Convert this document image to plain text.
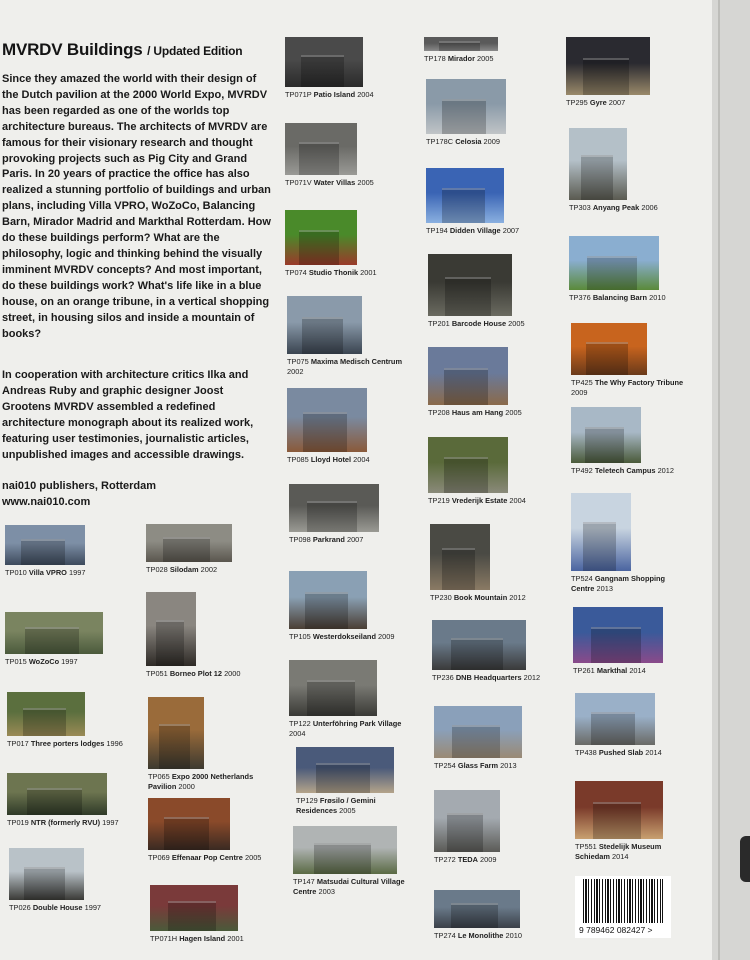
MVRDV Buildings / Updated Edition

Since they amazed the world with their design of the Dutch pavilion at the 2000 World Expo, MVRDV has been regarded as one of the worlds top architecture bureaus. The architects of MVRDV are famous for their visionary research and thought provoking projects such as Pig City and Grand Paris. In 20 years of practice the office has also realized a stunning portfolio of buildings and urban plans, including Villa VPRO, WoZoCo, Balancing Barn, Mirador Madrid and Markthal Rotterdam. How do these buildings perform? What are the philosophy, logic and thinking behind the visually imminent MVRDV concepts? And most important, do these buildings work? What's life like in a blue house, on an orange tribune, in a vertical shopping street, in housing silos and inside a mountain of books?

In cooperation with architecture critics Ilka and Andreas Ruby and graphic designer Joost Grootens MVRDV assembled a redefined architecture monograph about its realized work, featuring user testimonies, journalistic articles, unpublished images and accessible drawings.

nai010 publishers, Rotterdam

www.nai010.com

TP010 Villa VPRO 1997
TP015 WoZoCo 1997
TP017 Three porters lodges 1996
TP019 NTR (formerly RVU) 1997
TP026 Double House 1997
TP028 Silodam 2002
TP051 Borneo Plot 12 2000
TP065 Expo 2000 Netherlands Pavilion 2000
TP069 Effenaar Pop Centre 2005
TP071H Hagen Island 2001
TP071P Patio Island 2004
TP071V Water Villas 2005
TP074 Studio Thonik 2001
TP075 Maxima Medisch Centrum 2002
TP085 Lloyd Hotel 2004
TP098 Parkrand 2007
TP105 Westerdokseiland 2009
TP122 Unterföhring Park Village 2004
TP129 Frøsilo / Gemini Residences 2005
TP147 Matsudai Cultural Village Centre 2003
TP178 Mirador 2005
TP178C Celosia 2009
TP194 Didden Village 2007
TP201 Barcode House 2005
TP208 Haus am Hang 2005
TP219 Vrederijk Estate 2004
TP230 Book Mountain 2012
TP236 DNB Headquarters 2012
TP254 Glass Farm 2013
TP272 TEDA 2009
TP274 Le Monolithe 2010
TP295 Gyre 2007
TP303 Anyang Peak 2006
TP376 Balancing Barn 2010
TP425 The Why Factory Tribune 2009
TP492 Teletech Campus 2012
TP524 Gangnam Shopping Centre 2013
TP261 Markthal 2014
TP438 Pushed Slab 2014
TP551 Stedelijk Museum Schiedam 2014
9 789462 082427 >
